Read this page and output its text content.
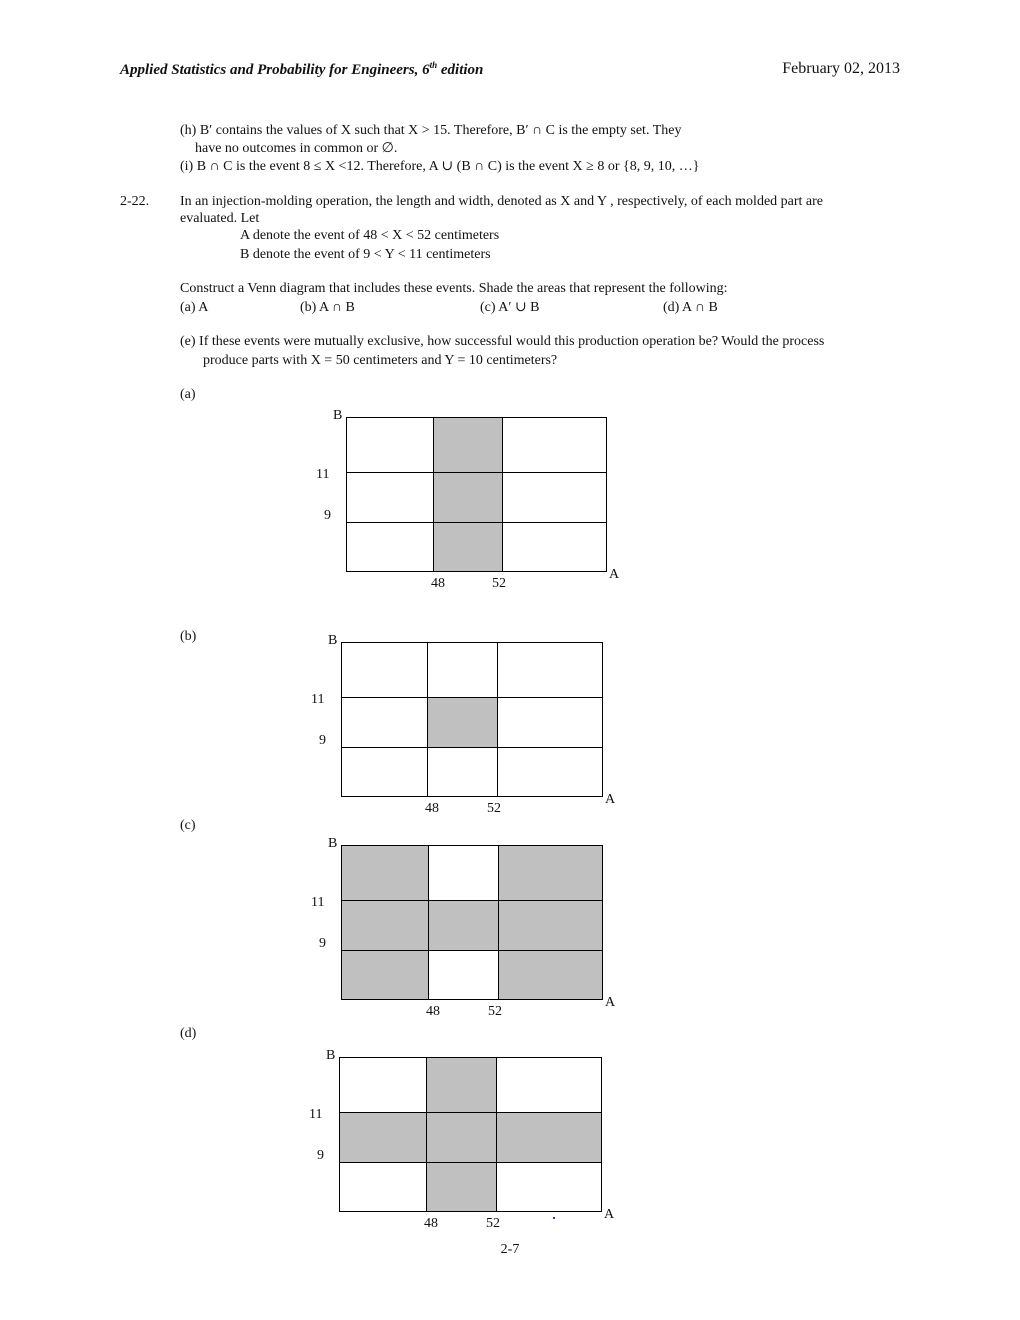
Applied Statistics and Probability for Engineers, 6th edition	February 02, 2013
(h) B′ contains the values of X such that X > 15. Therefore, B′ ∩ C is the empty set. They
have no outcomes in common or ∅.
(i) B ∩ C is the event 8 ≤ X <12. Therefore, A ∪ (B ∩ C) is the event X ≥ 8 or {8, 9, 10, …}
2-22. In an injection-molding operation, the length and width, denoted as X and Y , respectively, of each molded part are
evaluated. Let
A denote the event of 48 < X < 52 centimeters
B denote the event of 9 < Y < 11 centimeters
Construct a Venn diagram that includes these events. Shade the areas that represent the following:
(a) A	(b) A ∩ B	(c) A′ ∪ B	(d) A ∩ B
(e) If these events were mutually exclusive, how successful would this production operation be? Would the process
produce parts with X = 50 centimeters and Y = 10 centimeters?
(a)
B
A
11
9
48	52
(b)	B
A
11
9
48	52
(c)
B
A
11
9
48	52
(d)
B
A
11
9
48	52
2-7
